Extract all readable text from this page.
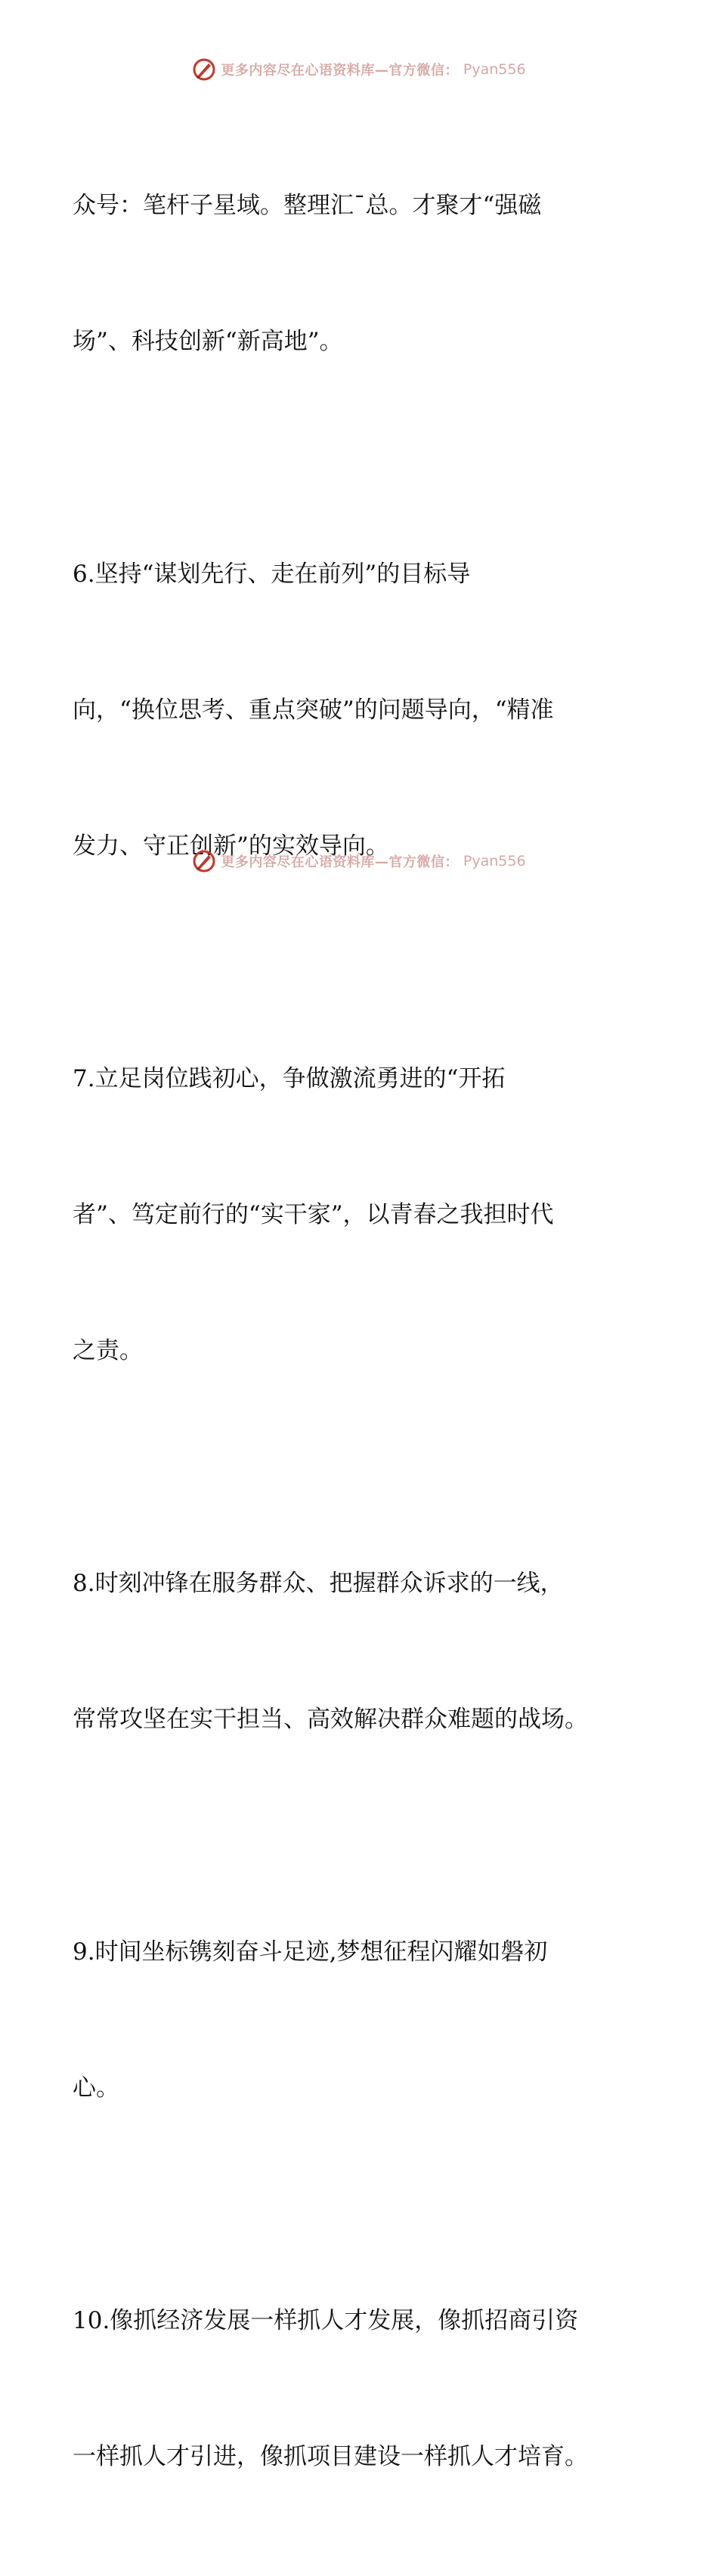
更多内容尽在心语资料库—官方微信： Pyan556

众号：笔杆子星域。整理汇¯总。才聚才“强磁

场”、科技创新“新高地”。

6.坚持“谋划先行、走在前列”的目标导

向，“换位思考、重点突破”的问题导向，“精准

发力、守正创新”的实效导向。

7.立足岗位践初心，争做激流勇进的“开拓

者”、笃定前行的“实干家”，以青春之我担时代

之责。

8.时刻冲锋在服务群众、把握群众诉求的一线，

常常攻坚在实干担当、高效解决群众难题的战场。

9.时间坐标镌刻奋斗足迹,梦想征程闪耀如磐初

心。

10.像抓经济发展一样抓人才发展，像抓招商引资

一样抓人才引进，像抓项目建设一样抓人才培育。

更多内容尽在心语资料库—官方微信： Pyan556
